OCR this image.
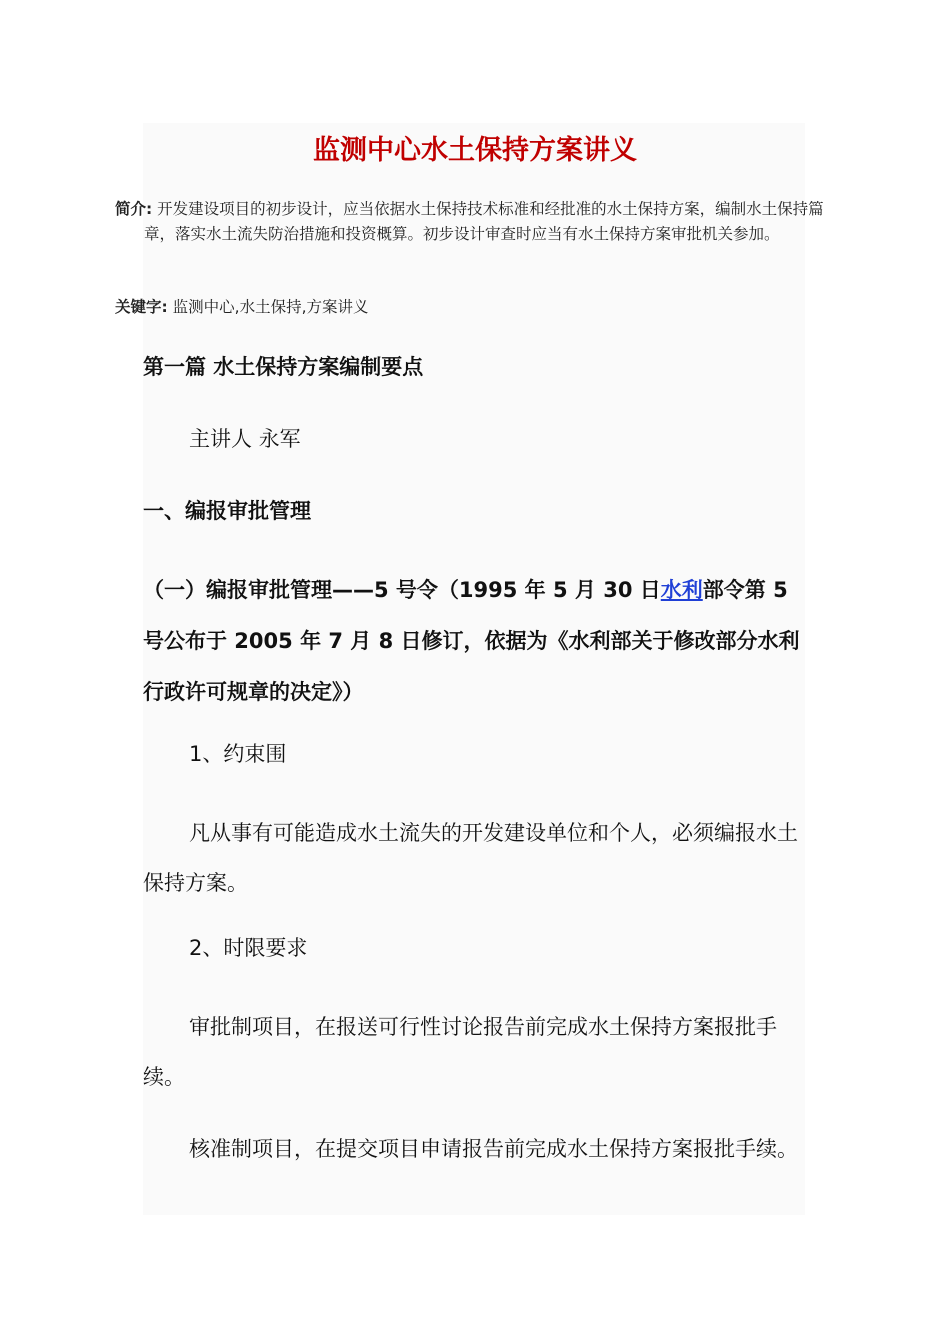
监测中心水土保持方案讲义

简介: 开发建设项目的初步设计，应当依据水土保持技术标准和经批准的水土保持方案，编制水土保持篇章，落实水土流失防治措施和投资概算。初步设计审查时应当有水土保持方案审批机关参加。

关键字: 监测中心,水土保持,方案讲义

第一篇 水土保持方案编制要点

主讲人 永军

一、编报审批管理

（一）编报审批管理——5 号令（1995 年 5 月 30 日水利部令第 5 号公布于 2005 年 7 月 8 日修订，依据为《水利部关于修改部分水利行政许可规章的决定》）

1、约束围

凡从事有可能造成水土流失的开发建设单位和个人，必须编报水土保持方案。

2、时限要求

审批制项目，在报送可行性讨论报告前完成水土保持方案报批手续。

核准制项目，在提交项目申请报告前完成水土保持方案报批手续。
